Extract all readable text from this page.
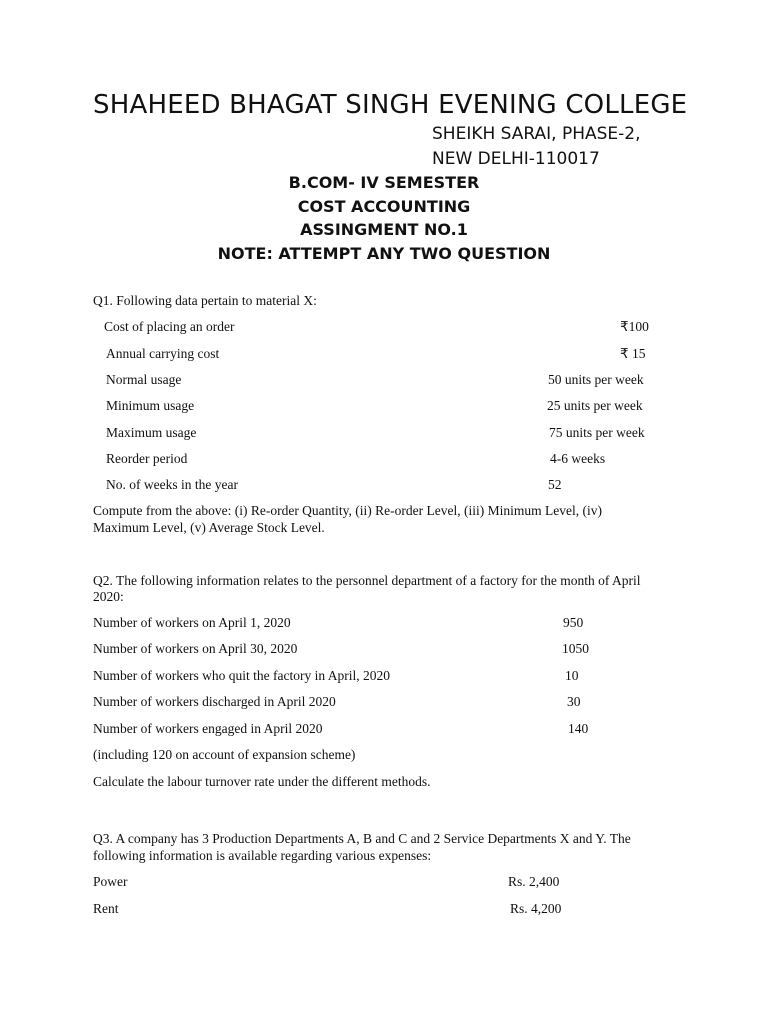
SHAHEED BHAGAT SINGH EVENING COLLEGE
SHEIKH SARAI, PHASE-2,
NEW DELHI-110017
B.COM- IV SEMESTER
COST ACCOUNTING
ASSINGMENT NO.1
NOTE: ATTEMPT ANY TWO QUESTION
Q1. Following data pertain to material X:
Cost of placing an order	₹100
Annual carrying cost	₹ 15
Normal usage	50 units per week
Minimum usage	25 units per week
Maximum usage	75 units per week
Reorder period	4-6 weeks
No. of weeks in the year	52
Compute from the above: (i) Re-order Quantity, (ii) Re-order Level, (iii) Minimum Level, (iv)
Maximum Level, (v) Average Stock Level.
Q2. The following information relates to the personnel department of a factory for the month of April
2020:
Number of workers on April 1, 2020	950
Number of workers on April 30, 2020	1050
Number of workers who quit the factory in April, 2020	10
Number of workers discharged in April 2020	30
Number of workers engaged in April 2020	140
(including 120 on account of expansion scheme)
Calculate the labour turnover rate under the different methods.
Q3. A company has 3 Production Departments A, B and C and 2 Service Departments X and Y. The
following information is available regarding various expenses:
Power	Rs. 2,400
Rent	Rs. 4,200
